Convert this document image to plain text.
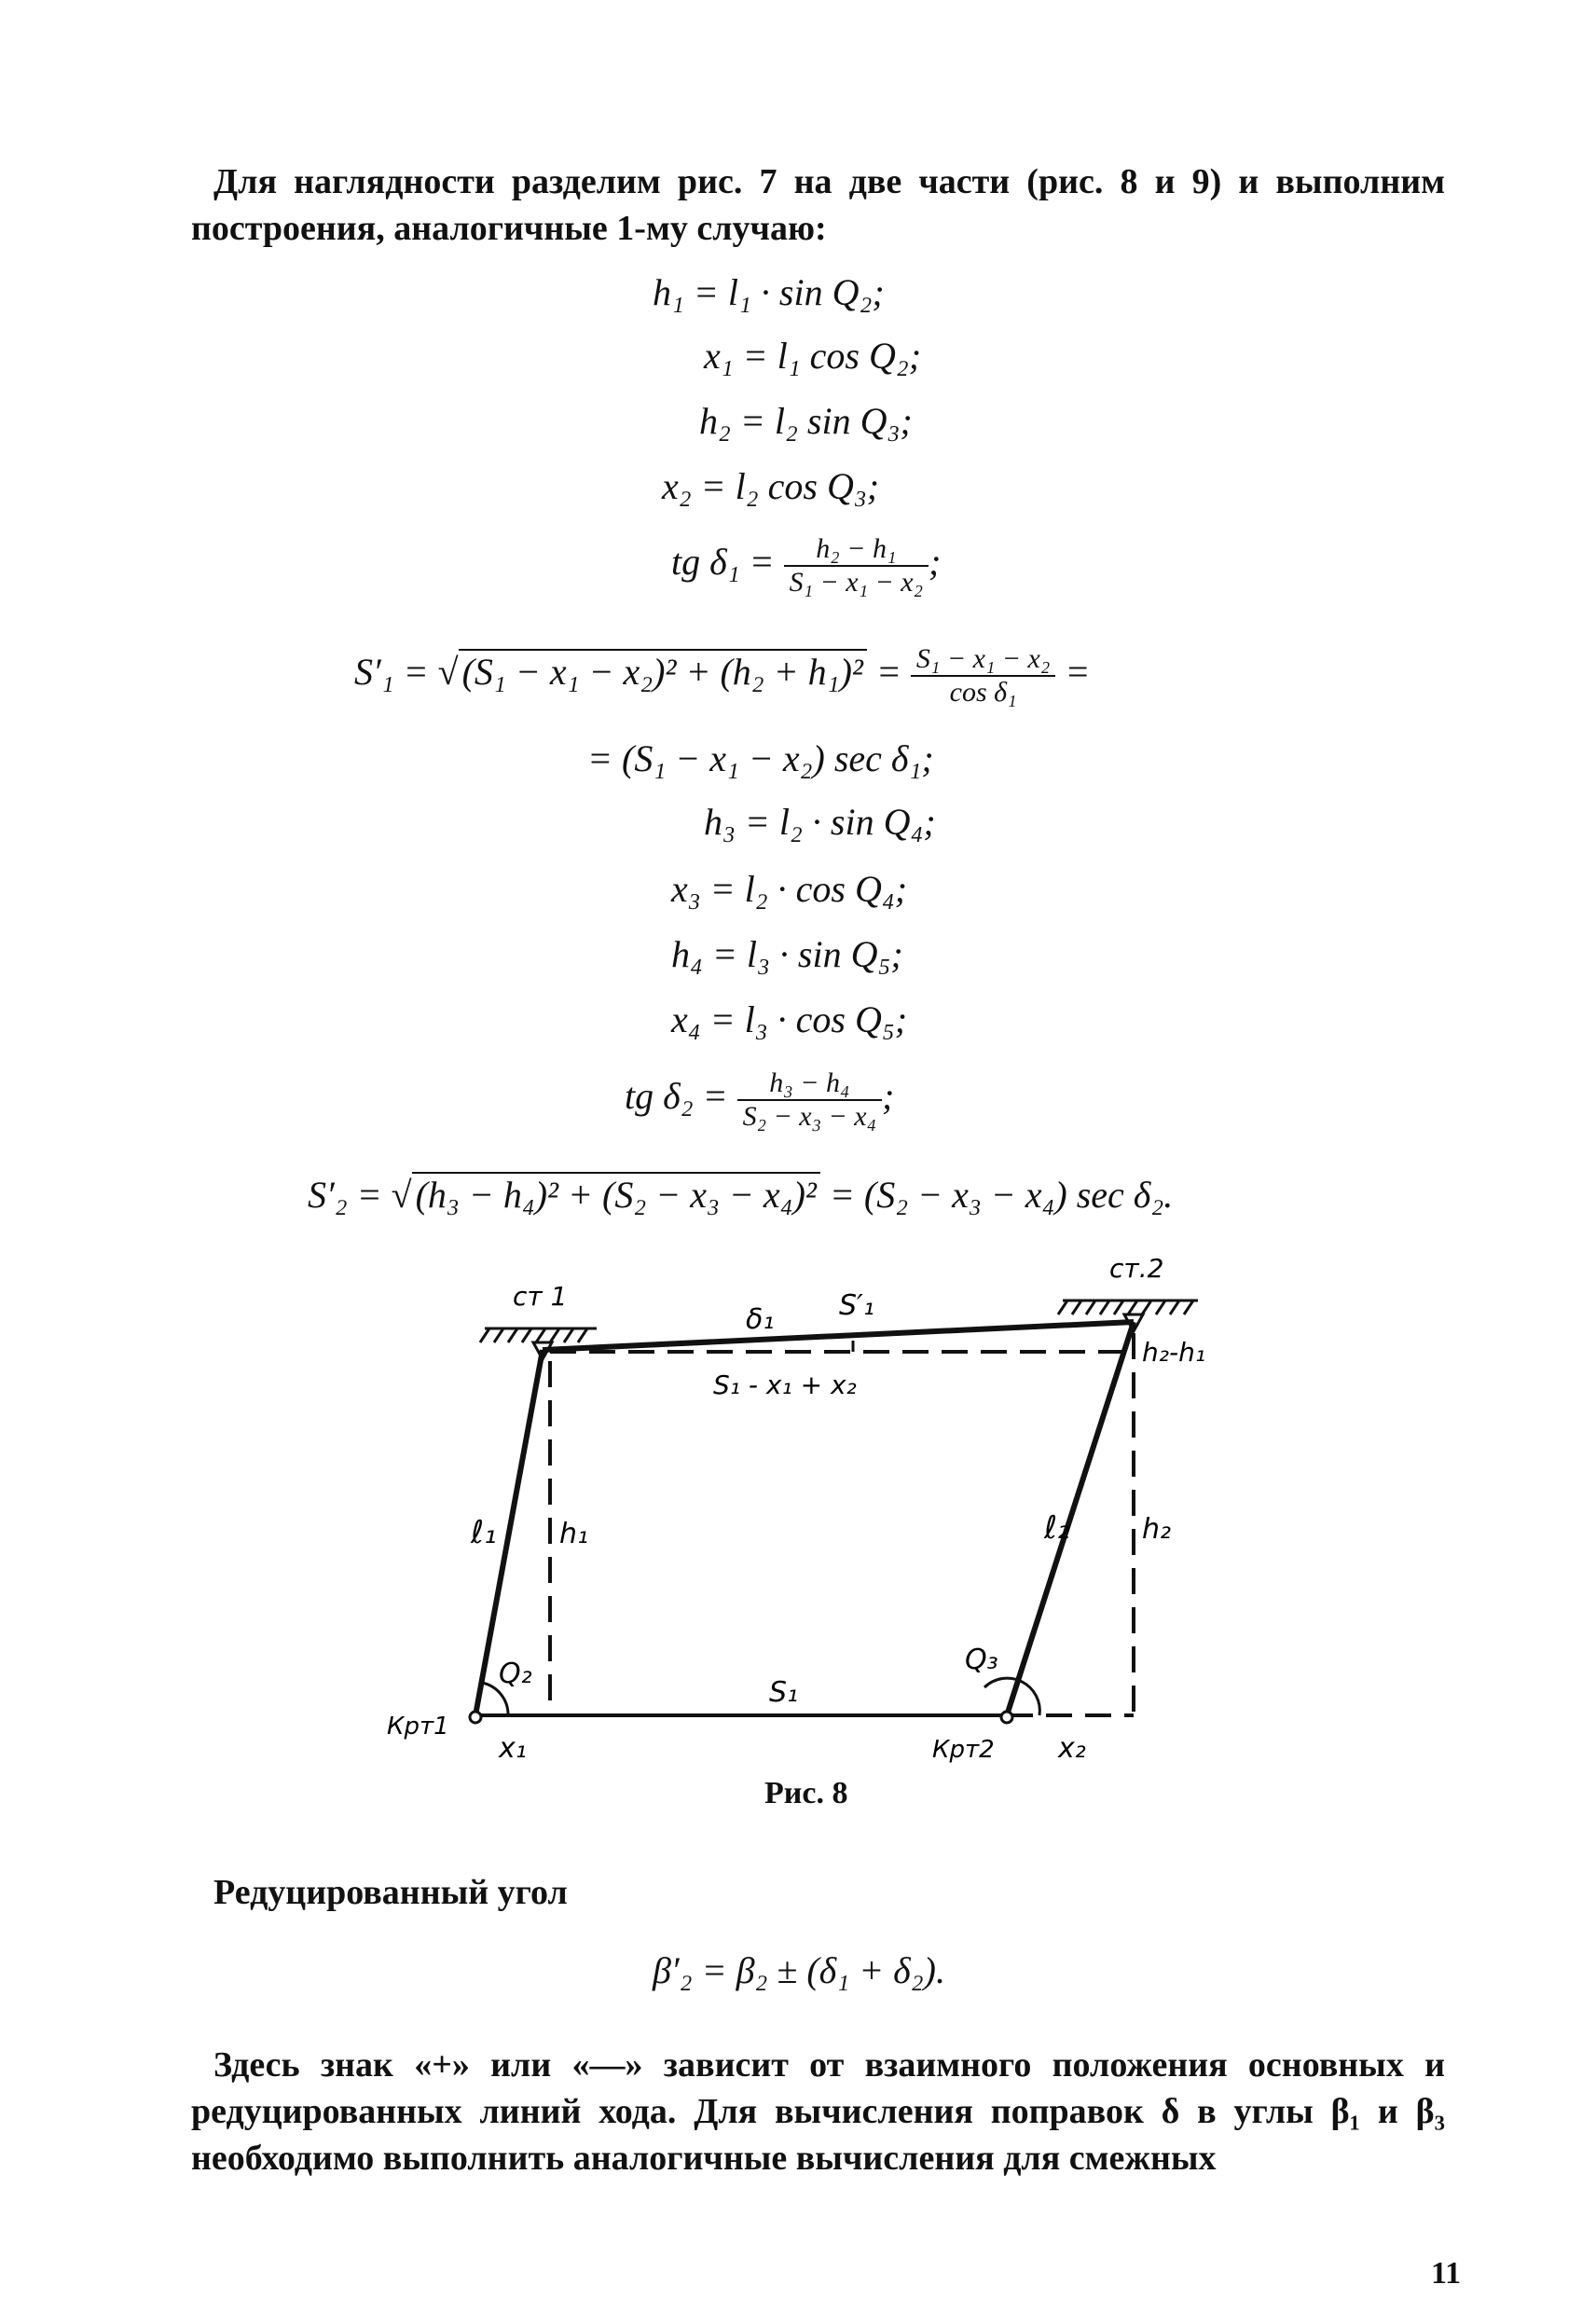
Для наглядности разделим рис. 7 на две части (рис. 8 и 9) и выполним построения, аналогичные 1-му случаю:

h₁ = l₁ · sin Q₂;
x₁ = l₁ cos Q₂;
h₂ = l₂ sin Q₃;
x₂ = l₂ cos Q₃;
tg $\delta_1 = \frac{\text{h₂ − h₁}}{\text{S₁ − x₁ − x₂}}$ ;
S′₁ = √ $(S_1 - x_1 - x_2)^2 + (h_2 + h_1)^2 = \frac{\text{S₁ − x₁ − x₂}}{\text{cos δ₁}}$ =
= (S₁ − x₁ − x₂) sec δ₁;
h₃ = l₂ · sin Q₄;
x₃ = l₂ · cos Q₄;
h₄ = l₃ · sin Q₅;
x₄ = l₃ · cos Q₅;
tg $\delta_2 = \frac{\text{h₃ − h₄}}{\text{S₂ − x₃ − x₄}}$ ;
S′₂ = √ (h₃ − h₄)² + (S₂ − x₃ − x₄)² = (S₂ − x₃ − x₄) sec δ₂.
ст 1
ст.2
δ₁ S′₁
S₁ - x₁ + x₂
h₂-h₁
ℓ₁ h₁	ℓ₂	h₂
Q₂	Q₃
S₁
Крт1
x₁	Крт2 x₂

Рис. 8

Редуцированный угол

β′₂ = β₂ ± (δ₁ + δ₂).

Здесь знак «+» или «—» зависит от взаимного положения основных и редуцированных линий хода. Для вычисления поправок δ в углы β₁ и β₃ необходимо выполнить аналогичные вычисления для смежных

11
